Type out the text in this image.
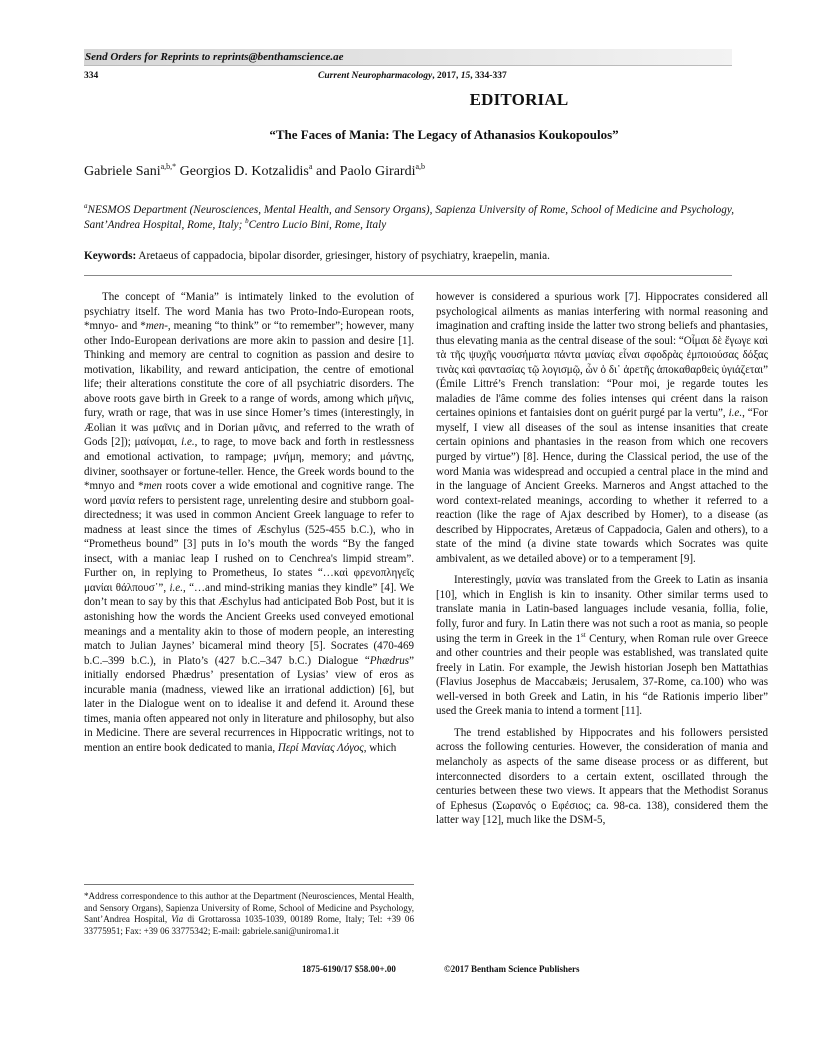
Send Orders for Reprints to reprints@benthamscience.ae
334	Current Neuropharmacology, 2017, 15, 334-337
EDITORIAL
“The Faces of Mania: The Legacy of Athanasios Koukopoulos”
Gabriele Sani$^{a,b,*}$ Georgios D. Kotzalidis$^a$ and Paolo Girardi$^{a,b}$
$^a$NESMOS Department (Neurosciences, Mental Health, and Sensory Organs), Sapienza University of Rome, School of Medicine and Psychology, Sant’Andrea Hospital, Rome, Italy; $^b$Centro Lucio Bini, Rome, Italy
Keywords: Aretaeus of cappadocia, bipolar disorder, griesinger, history of psychiatry, kraepelin, mania.

The concept of “Mania” is intimately linked to the evolution of psychiatry itself. The word Mania has two Proto-Indo-European roots, *mnyo- and *men-, meaning “to think” or “to remember”; however, many other Indo-European derivations are more akin to passion and desire [1]. Thinking and memory are central to cognition as passion and desire to motivation, likability, and reward anticipation, the centre of emotional life; their alterations constitute the core of all psychiatric disorders. The above roots gave birth in Greek to a range of words, among which μῆνις, fury, wrath or rage, that was in use since Homer’s times (interestingly, in Æolian it was μαῖνις and in Dorian μᾶνις, and referred to the wrath of Gods [2]); μαίνομαι, i.e., to rage, to move back and forth in restlessness and emotional activation, to rampage; μνήμη, memory; and μάντης, diviner, soothsayer or fortune-teller. Hence, the Greek words bound to the *mnyo and *men roots cover a wide emotional and cognitive range. The word μανία refers to persistent rage, unrelenting desire and stubborn goal-directedness; it was used in common Ancient Greek language to refer to madness at least since the times of Æschylus (525-455 b.C.), who in “Prometheus bound” [3] puts in Io’s mouth the words “By the fanged insect, with a maniac leap I rushed on to Cenchrea's limpid stream”. Further on, in replying to Prometheus, Io states “…καὶ φρενοπληγεῖς μανίαι θάλπουσ᾽”, i.e., “…and mind-striking manias they kindle” [4]. We don’t mean to say by this that Æschylus had anticipated Bob Post, but it is astonishing how the words the Ancient Greeks used conveyed emotional meanings and a mentality akin to those of modern people, an interesting match to Julian Jaynes’ bicameral mind theory [5]. Socrates (470-469 b.C.–399 b.C.), in Plato’s (427 b.C.–347 b.C.) Dialogue “Phædrus” initially endorsed Phædrus’ presentation of Lysias’ view of eros as incurable mania (madness, viewed like an irrational addiction) [6], but later in the Dialogue went on to idealise it and defend it. Around these times, mania often appeared not only in literature and philosophy, but also in Medicine. There are several recurrences in Hippocratic writings, not to mention an entire book dedicated to mania, Περί Μανίας Λόγος, which

however is considered a spurious work [7]. Hippocrates considered all psychological ailments as manias interfering with normal reasoning and imagination and crafting inside the latter two strong beliefs and phantasies, thus elevating mania as the central disease of the soul: “Οἶμαι δὲ ἔγωγε καὶ τὰ τῆς ψυχῆς νουσήματα πάντα μανίας εἶναι σφοδρὰς ἐμποιούσας δόξας τινὰς καὶ φαντασίας τῷ λογισμῷ, ὧν ὁ δι᾽ ἀρετῆς ἀποκαθαρθεὶς ὑγιάζεται” (Émile Littré’s French translation: “Pour moi, je regarde toutes les maladies de l'âme comme des folies intenses qui créent dans la raison certaines opinions et fantaisies dont on guérit purgé par la vertu”, i.e., “For myself, I view all diseases of the soul as intense insanities that create certain opinions and phantasies in the reason from which one recovers purged by virtue”) [8]. Hence, during the Classical period, the use of the word Mania was widespread and occupied a central place in the mind and in the language of Ancient Greeks. Marneros and Angst attached to the word context-related meanings, according to whether it referred to a reaction (like the rage of Ajax described by Homer), to a disease (as described by Hippocrates, Aretæus of Cappadocia, Galen and others), to a state of the mind (a divine state towards which Socrates was quite ambivalent, as we detailed above) or to a temperament [9].

Interestingly, μανία was translated from the Greek to Latin as insania [10], which in English is kin to insanity. Other similar terms used to translate mania in Latin-based languages include vesania, follia, folie, folly, furor and fury. In Latin there was not such a root as mania, so people using the term in Greek in the 1st Century, when Roman rule over Greece and other countries and their people was established, was translated quite freely in Latin. For example, the Jewish historian Joseph ben Mattathias (Flavius Josephus de Maccabæis; Jerusalem, 37-Rome, ca.100) who was well-versed in both Greek and Latin, in his “de Rationis imperio liber” used the Greek mania to intend a torment [11].

The trend established by Hippocrates and his followers persisted across the following centuries. However, the consideration of mania and melancholy as aspects of the same disease process or as different, but interconnected disorders to a certain extent, oscillated through the centuries between these two views. It appears that the Methodist Soranus of Ephesus (Σωρανός ο Εφέσιος; ca. 98-ca. 138), considered them the latter way [12], much like the DSM-5,

*Address correspondence to this author at the Department (Neurosciences, Mental Health, and Sensory Organs), Sapienza University of Rome, School of Medicine and Psychology, Sant’Andrea Hospital, Via di Grottarossa 1035-1039, 00189 Rome, Italy; Tel: +39 06 33775951; Fax: +39 06 33775342; E-mail: gabriele.sani@uniroma1.it
1875-6190/17 $58.00+.00	©2017 Bentham Science Publishers
